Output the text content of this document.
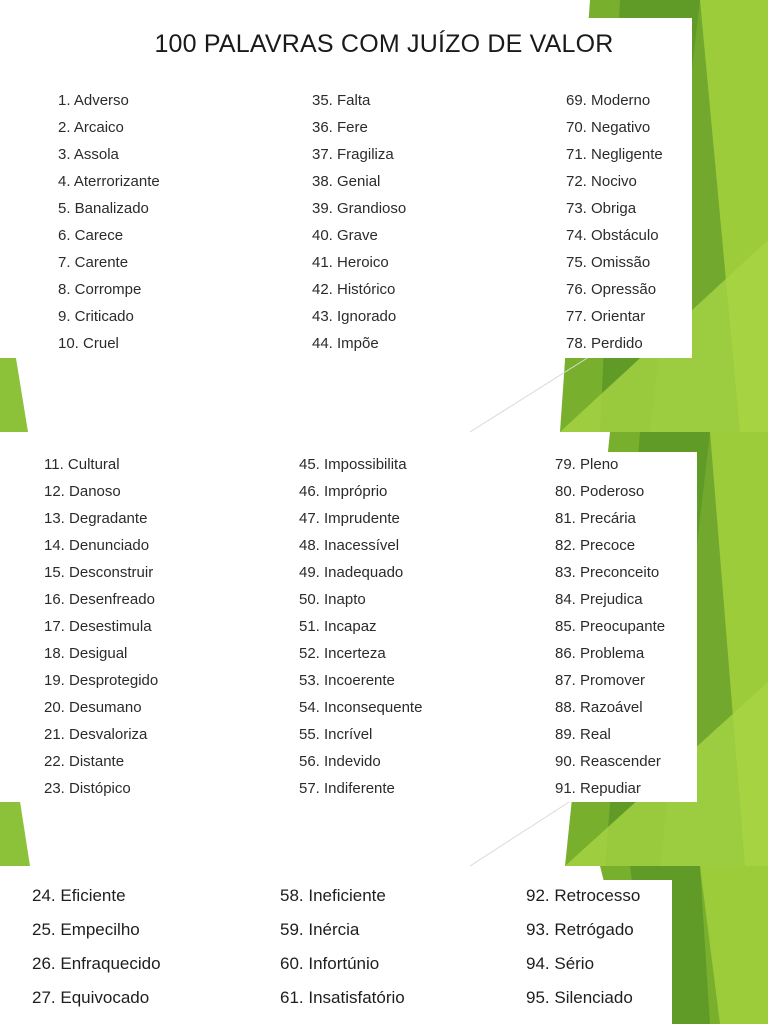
100 PALAVRAS COM JUÍZO DE VALOR
1. Adverso
2. Arcaico
3. Assola
4. Aterrorizante
5. Banalizado
6. Carece
7. Carente
8. Corrompe
9. Criticado
10. Cruel
35. Falta
36. Fere
37. Fragiliza
38. Genial
39. Grandioso
40. Grave
41. Heroico
42. Histórico
43. Ignorado
44. Impõe
69. Moderno
70. Negativo
71. Negligente
72. Nocivo
73. Obriga
74. Obstáculo
75. Omissão
76. Opressão
77. Orientar
78. Perdido
11. Cultural
12. Danoso
13. Degradante
14. Denunciado
15. Desconstruir
16. Desenfreado
17. Desestimula
18. Desigual
19. Desprotegido
20. Desumano
21. Desvaloriza
22. Distante
23. Distópico
45. Impossibilita
46. Impróprio
47. Imprudente
48. Inacessível
49. Inadequado
50. Inapto
51. Incapaz
52. Incerteza
53. Incoerente
54. Inconsequente
55. Incrível
56. Indevido
57. Indiferente
79. Pleno
80. Poderoso
81. Precária
82. Precoce
83. Preconceito
84. Prejudica
85. Preocupante
86. Problema
87. Promover
88. Razoável
89. Real
90. Reascender
91. Repudiar
24. Eficiente
25. Empecilho
26. Enfraquecido
27. Equivocado
58. Ineficiente
59. Inércia
60. Infortúnio
61. Insatisfatório
92. Retrocesso
93. Retrógado
94. Sério
95. Silenciado
